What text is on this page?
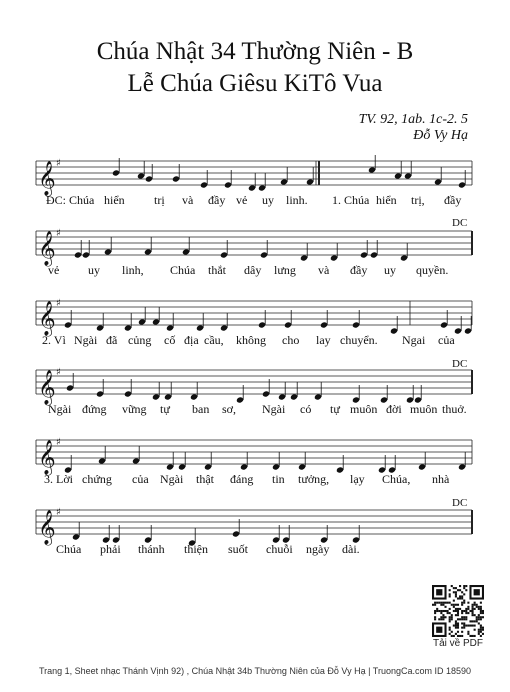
Chúa Nhật 34 Thường Niên - B
Lễ Chúa Giêsu KiTô Vua
TV. 92, 1ab. 1c-2. 5
Đỗ Vy Hạ
𝄞 ♯
ĐC: Chúa hiển trị và đầy vẻ uy linh. 1. Chúa hiển trị, đầy
DC
𝄞 ♯
vẻ uy linh, Chúa thắt dây lưng và đầy uy quyền.
𝄞 ♯
2. Vì Ngài đã củng cố địa cầu, không cho lay chuyển. Ngai của
DC
𝄞 ♯
Ngài đứng vững tự ban sơ, Ngài có tự muôn đời muôn thuở.
𝄞 ♯
3. Lời chứng của Ngài thật đáng tin tưởng, lạy Chúa, nhà
DC
𝄞 ♯
Chúa phải thánh thiện suốt chuỗi ngày dài.
Tải về PDF
Trang 1, Sheet nhạc Thánh Vịnh 92) , Chúa Nhật 34b Thường Niên của Đỗ Vy Hạ | TruongCa.com ID 18590
